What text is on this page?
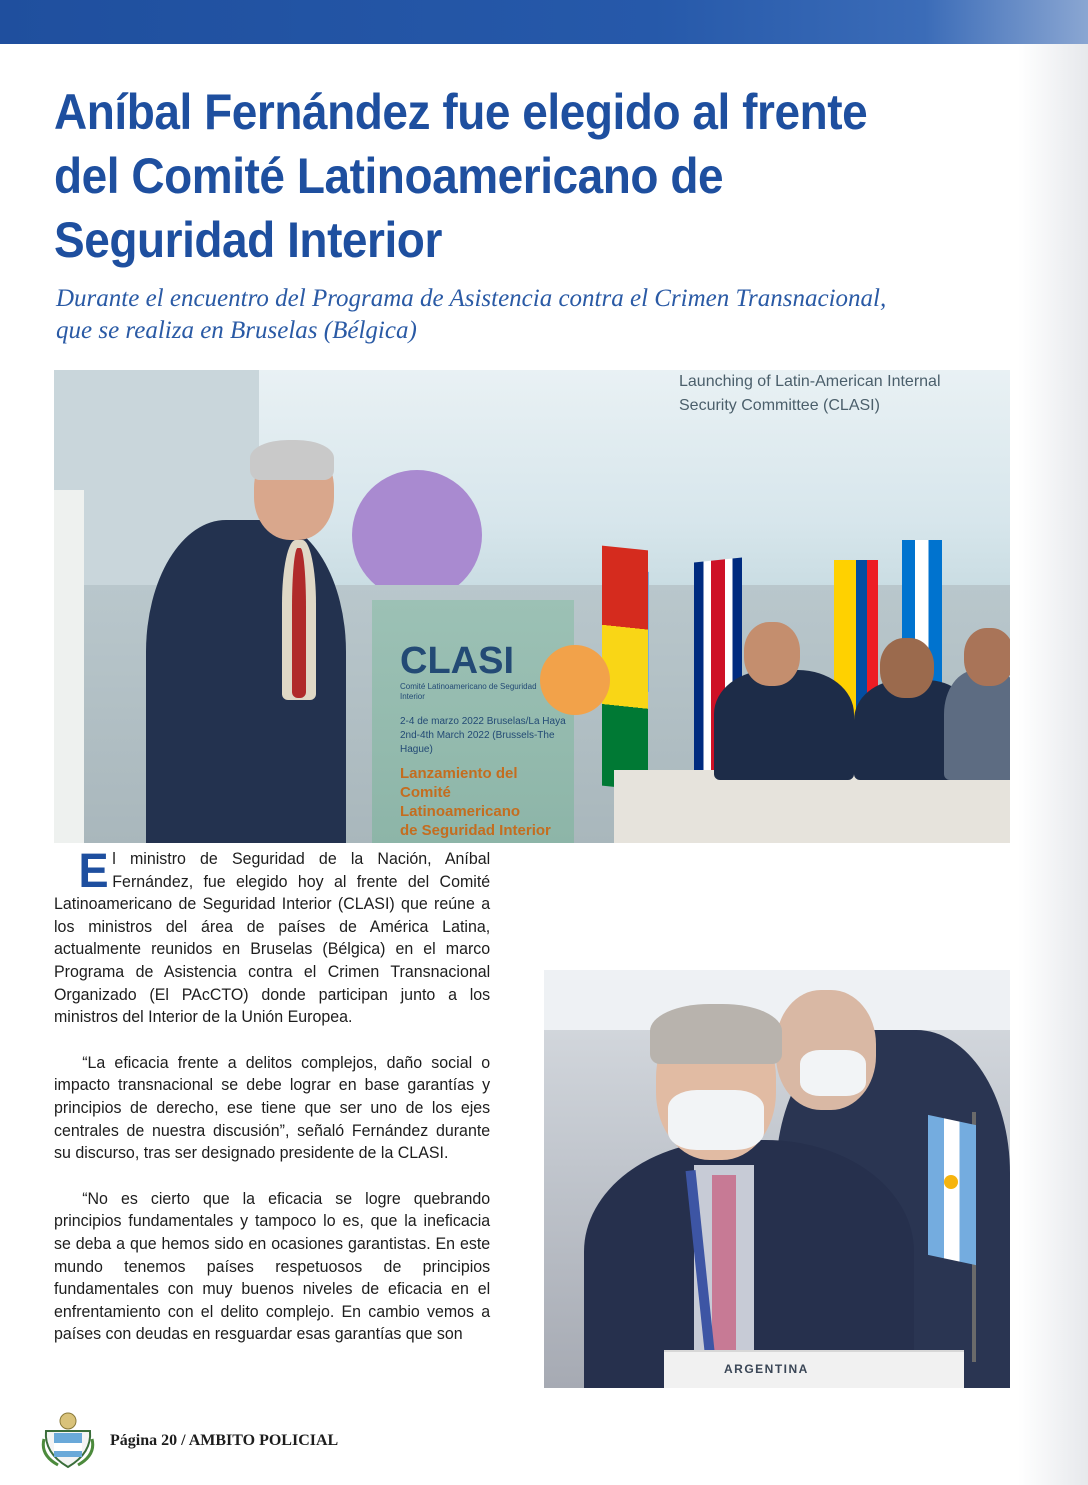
Aníbal Fernández fue elegido al frente
del Comité Latinoamericano de
Seguridad Interior

Durante el encuentro del Programa de Asistencia contra el Crimen Transnacional,
que se realiza en Bruselas (Bélgica)

Launching of Latin-American Internal
Security Committee (CLASI)
CLASI
Comité Latinoamericano de Seguridad Interior
2-4 de marzo 2022 Bruselas/La Haya
2nd-4th March 2022 (Brussels-The Hague)
Lanzamiento del
Comité Latinoamericano
de Seguridad Interior

El ministro de Seguridad de la Nación, Aníbal Fernández, fue elegido hoy al frente del Comité Latinoamericano de Seguridad Interior (CLASI) que reúne a los ministros del área de países de América Latina, actualmente reunidos en Bruselas (Bélgica) en el marco Programa de Asistencia contra el Crimen Transnacional Organizado (El PAcCTO) donde participan junto a los ministros del Interior de la Unión Europea.

“La eficacia frente a delitos complejos, daño social o impacto transnacional se debe lograr en base garantías y principios de derecho, ese tiene que ser uno de los ejes centrales de nuestra discusión”, señaló Fernández durante su discurso, tras ser designado presidente de la CLASI.

“No es cierto que la eficacia se logre quebrando principios fundamentales y tampoco lo es, que la ineficacia se deba a que hemos sido en ocasiones garantistas. En este mundo tenemos países respetuosos de principios fundamentales con muy buenos niveles de eficacia en el enfrentamiento con el delito complejo. En cambio vemos a países con deudas en resguardar esas garantías que son

ARGENTINA
Página 20 / AMBITO POLICIAL
